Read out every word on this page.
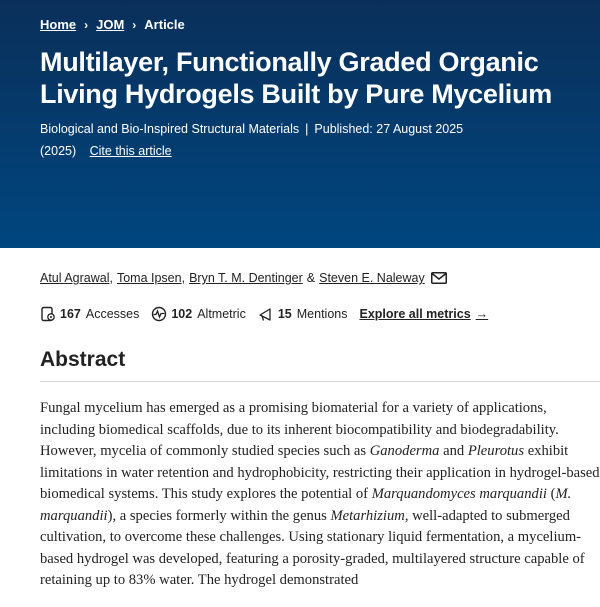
Home › JOM › Article
Multilayer, Functionally Graded Organic
Living Hydrogels Built by Pure Mycelium
Biological and Bio-Inspired Structural Materials | Published: 27 August 2025
(2025) Cite this article
Atul Agrawal , Toma Ipsen , Bryn T. M. Dentinger & Steven E. Naleway
167 Accesses	102 Altmetric	15 Mentions Explore all metrics →
Abstract

Fungal mycelium has emerged as a promising biomaterial for a variety of applications, including biomedical scaffolds, due to its inherent biocompatibility and biodegradability. However, mycelia of commonly studied species such as Ganoderma and Pleurotus exhibit limitations in water retention and hydrophobicity, restricting their application in hydrogel-based biomedical systems. This study explores the potential of Marquandomyces marquandii (M. marquandii), a species formerly within the genus Metarhizium, well-adapted to submerged cultivation, to overcome these challenges. Using stationary liquid fermentation, a mycelium-based hydrogel was developed, featuring a porosity-graded, multilayered structure capable of retaining up to 83% water. The hydrogel demonstrated
